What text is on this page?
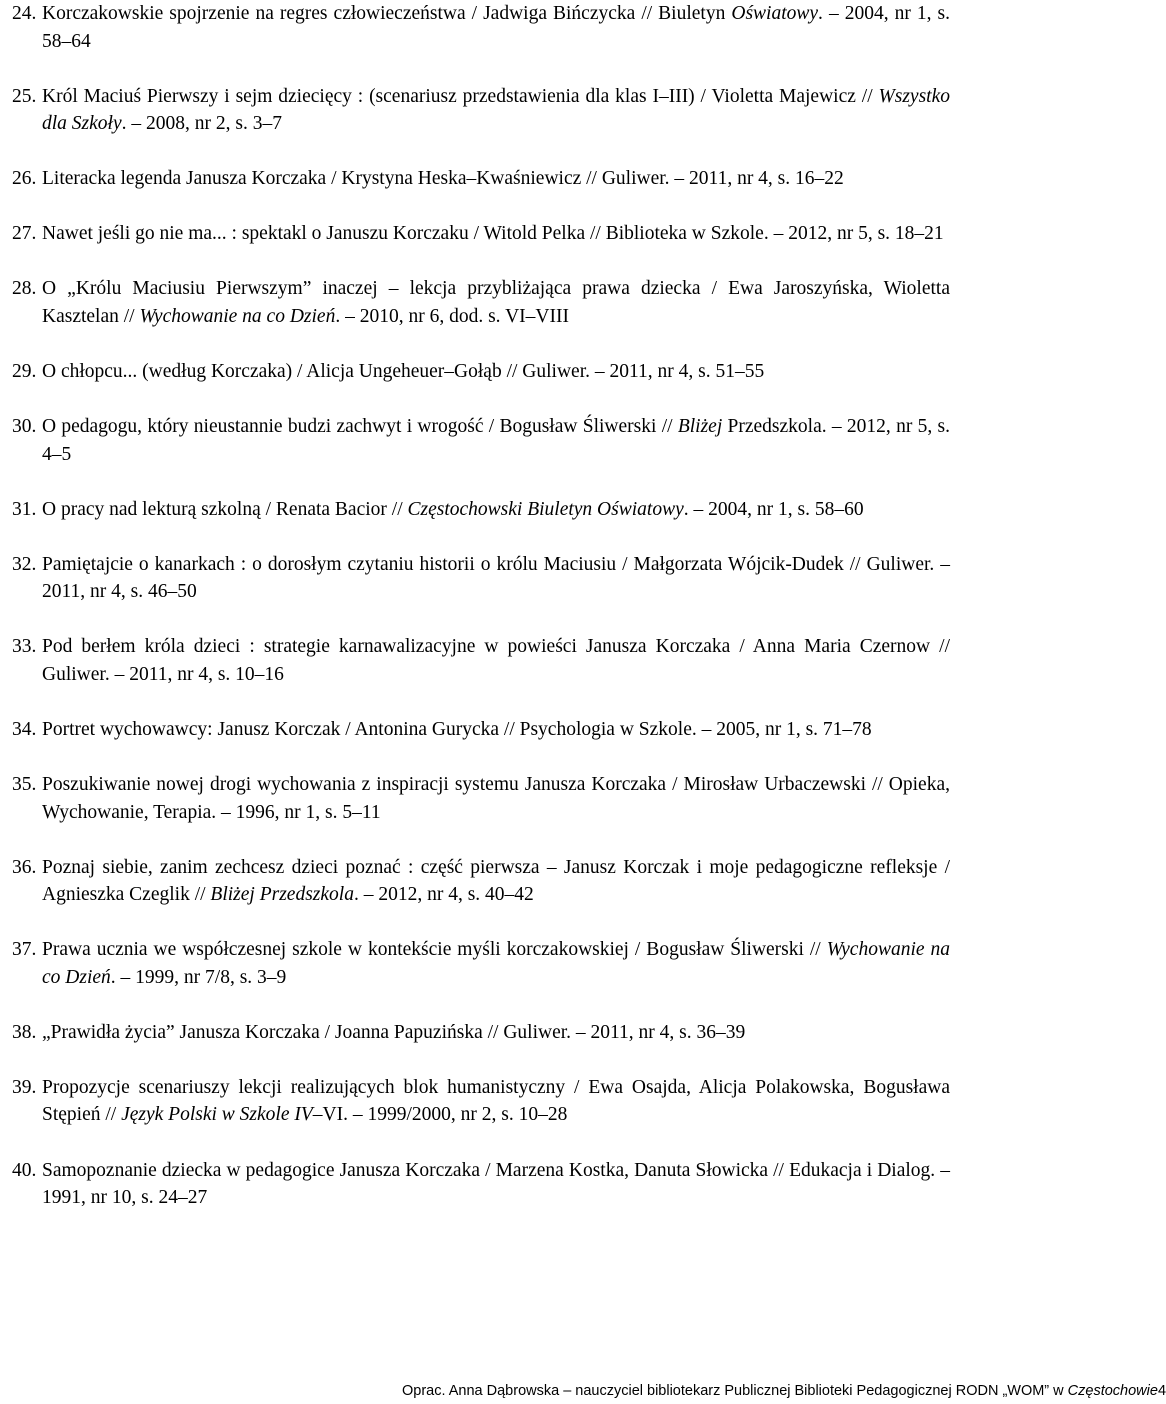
24. Korczakowskie spojrzenie na regres człowieczeństwa / Jadwiga Bińczycka // Biuletyn Oświatowy. – 2004, nr 1, s. 58–64
25. Król Maciuś Pierwszy i sejm dziecięcy : (scenariusz przedstawienia dla klas I–III) / Violetta Majewicz // Wszystko dla Szkoły. – 2008, nr 2, s. 3–7
26. Literacka legenda Janusza Korczaka / Krystyna Heska–Kwaśniewicz // Guliwer. – 2011, nr 4, s. 16–22
27. Nawet jeśli go nie ma... : spektakl o Januszu Korczaku / Witold Pelka // Biblioteka w Szkole. – 2012, nr 5, s. 18–21
28. O „Królu Maciusiu Pierwszym” inaczej – lekcja przybliżająca prawa dziecka / Ewa Jaroszyńska, Wioletta Kasztelan // Wychowanie na co Dzień. – 2010, nr 6, dod. s. VI–VIII
29. O chłopcu... (według Korczaka) / Alicja Ungeheuer–Gołąb // Guliwer. – 2011, nr 4, s. 51–55
30. O pedagogu, który nieustannie budzi zachwyt i wrogość / Bogusław Śliwerski // Bliżej Przedszkola. – 2012, nr 5, s. 4–5
31. O pracy nad lekturą szkolną / Renata Bacior // Częstochowski Biuletyn Oświatowy. – 2004, nr 1, s. 58–60
32. Pamiętajcie o kanarkach : o dorosłym czytaniu historii o królu Maciusiu / Małgorzata Wójcik-Dudek // Guliwer. – 2011, nr 4, s. 46–50
33. Pod berłem króla dzieci : strategie karnawalizacyjne w powieści Janusza Korczaka / Anna Maria Czernow // Guliwer. – 2011, nr 4, s. 10–16
34. Portret wychowawcy: Janusz Korczak / Antonina Gurycka // Psychologia w Szkole. – 2005, nr 1, s. 71–78
35. Poszukiwanie nowej drogi wychowania z inspiracji systemu Janusza Korczaka / Mirosław Urbaczewski // Opieka, Wychowanie, Terapia. – 1996, nr 1, s. 5–11
36. Poznaj siebie, zanim zechcesz dzieci poznać : część pierwsza – Janusz Korczak i moje pedagogiczne refleksje / Agnieszka Czeglik // Bliżej Przedszkola. – 2012, nr 4, s. 40–42
37. Prawa ucznia we współczesnej szkole w kontekście myśli korczakowskiej / Bogusław Śliwerski // Wychowanie na co Dzień. – 1999, nr 7/8, s. 3–9
38. „Prawidła życia” Janusza Korczaka / Joanna Papuzińska // Guliwer. – 2011, nr 4, s. 36–39
39. Propozycje scenariuszy lekcji realizujących blok humanistyczny / Ewa Osajda, Alicja Polakowska, Bogusława Stępień // Język Polski w Szkole IV–VI. – 1999/2000, nr 2, s. 10–28
40. Samopoznanie dziecka w pedagogice Janusza Korczaka / Marzena Kostka, Danuta Słowicka // Edukacja i Dialog. – 1991, nr 10, s. 24–27
Oprac. Anna Dąbrowska – nauczyciel bibliotekarz Publicznej Biblioteki Pedagogicznej RODN „WOM” w Częstochowie 4
